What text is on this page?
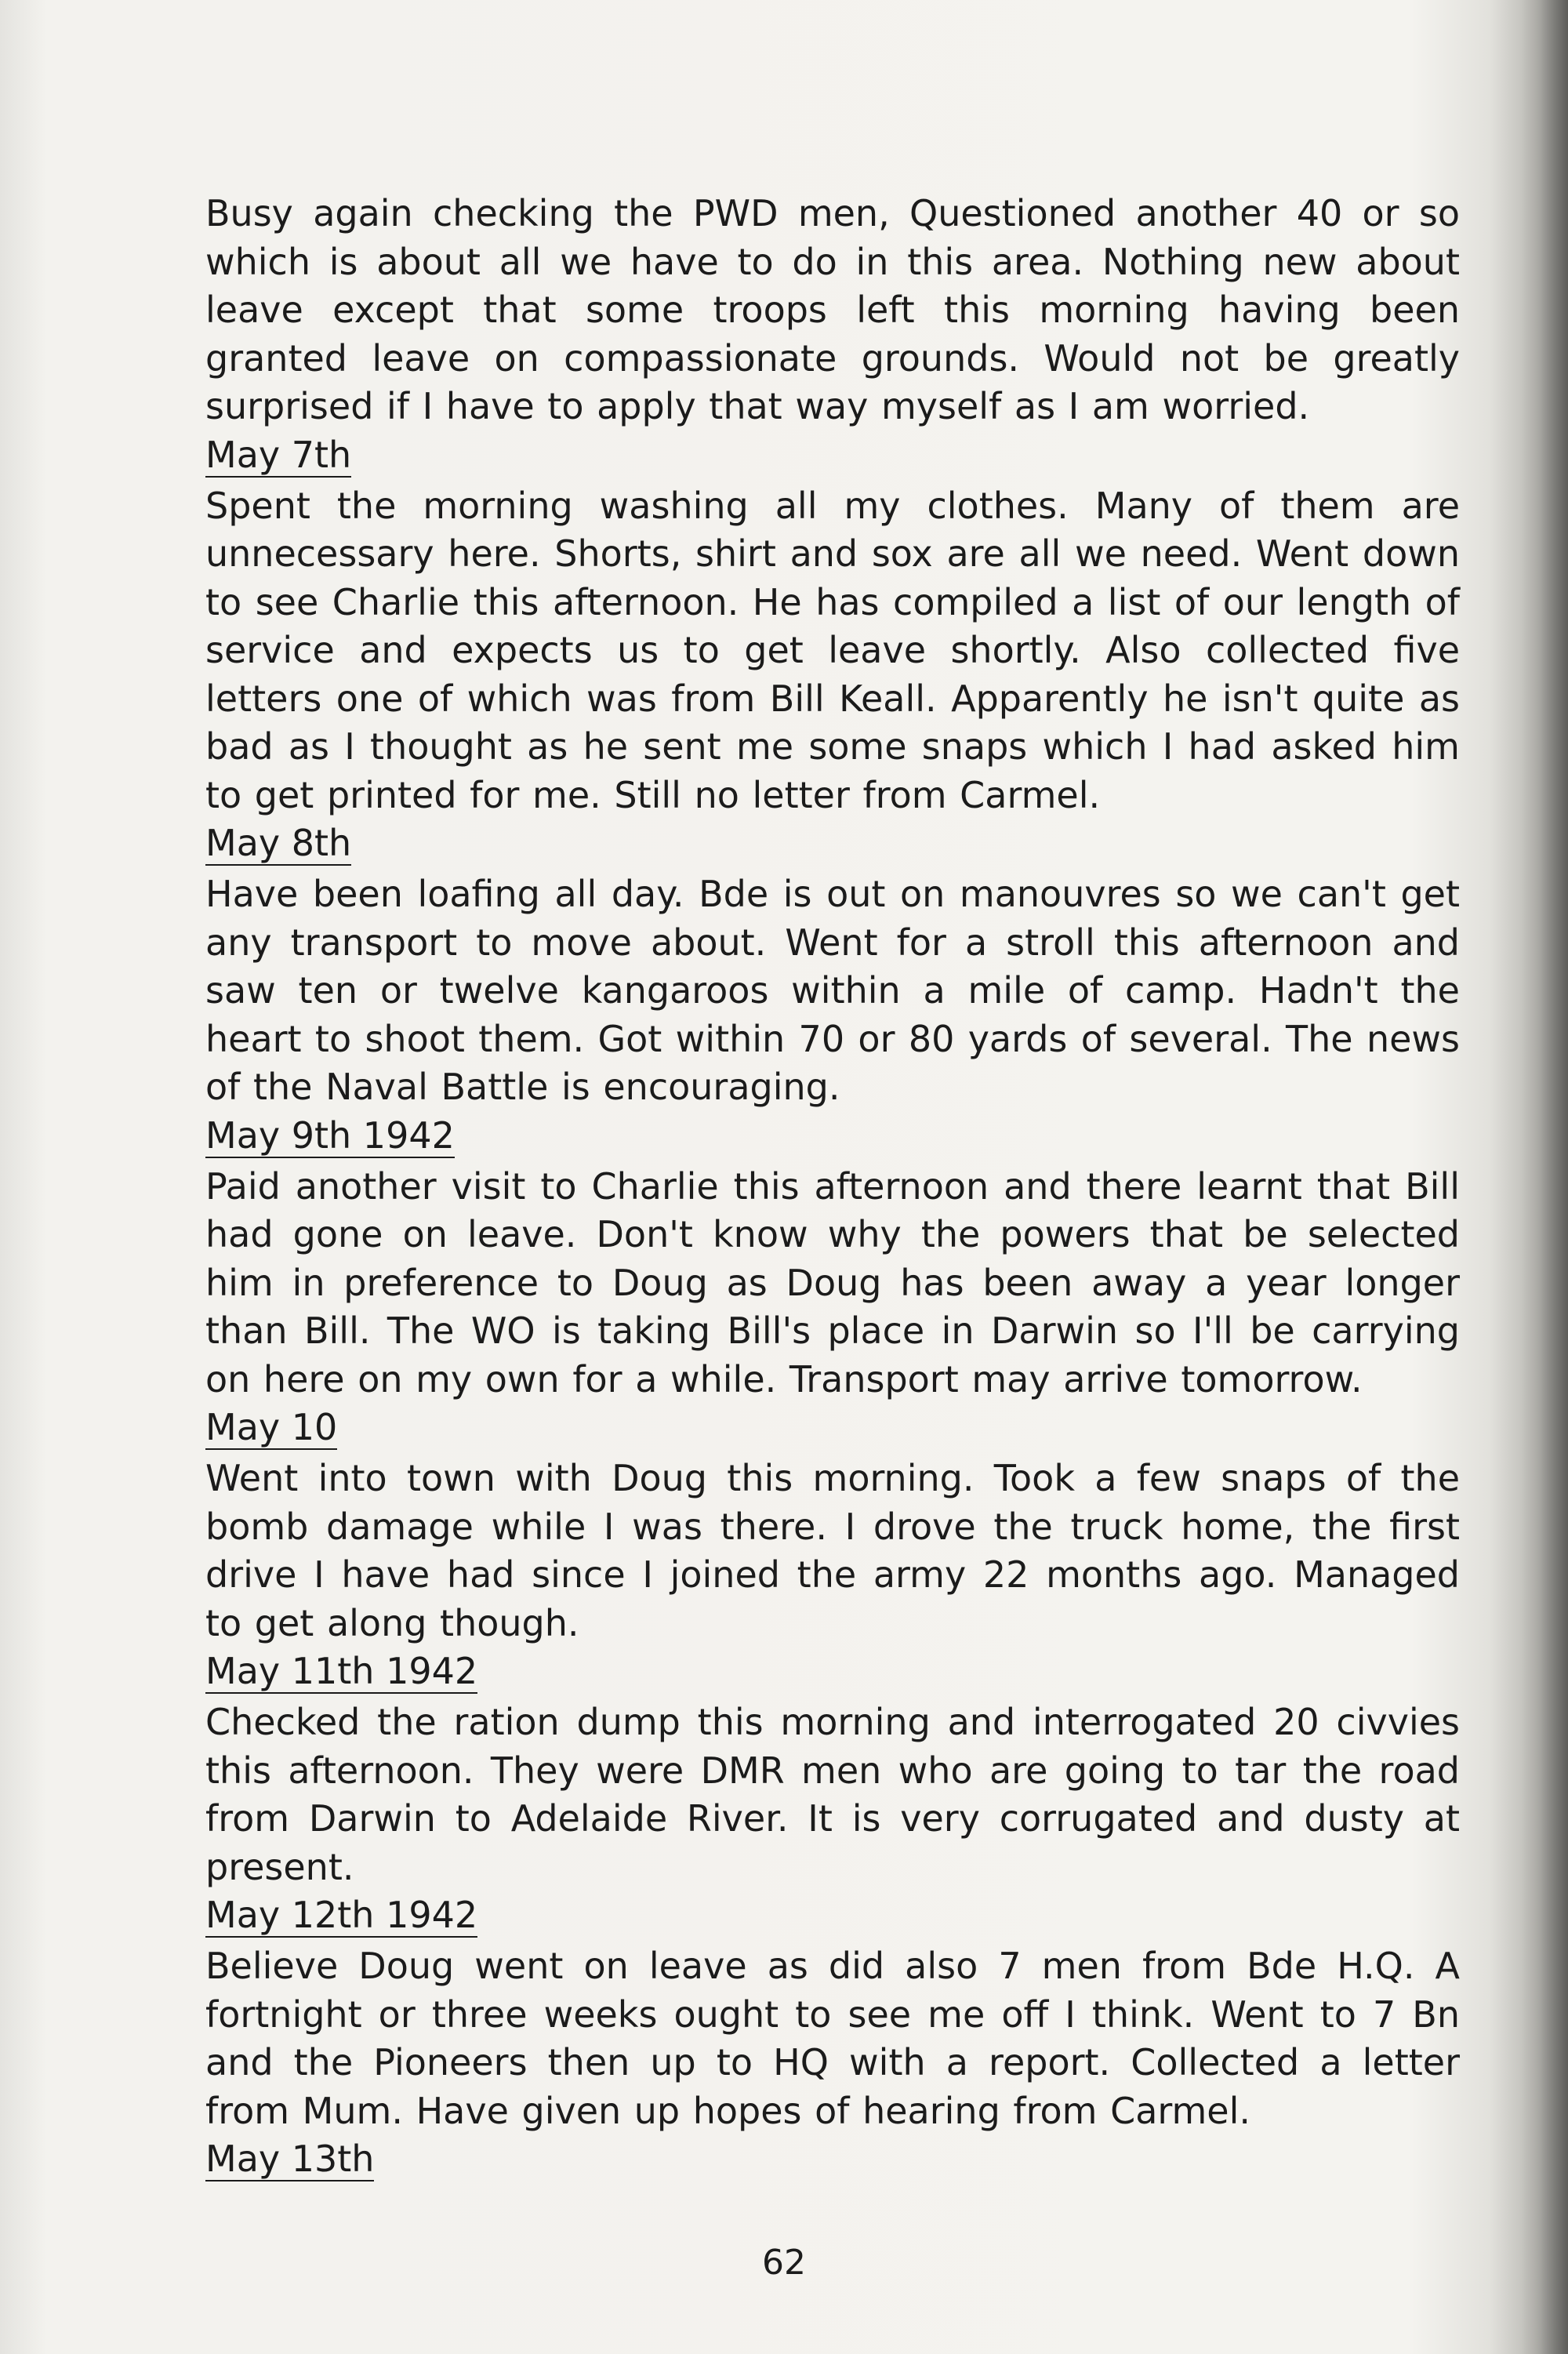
Busy again checking the PWD men, Questioned another 40 or so which is about all we have to do in this area. Nothing new about leave except that some troops left this morning having been granted leave on compassionate grounds. Would not be greatly surprised if I have to apply that way myself as I am worried.

May 7th

Spent the morning washing all my clothes. Many of them are unnecessary here. Shorts, shirt and sox are all we need. Went down to see Charlie this afternoon. He has compiled a list of our length of service and expects us to get leave shortly. Also collected five letters one of which was from Bill Keall. Apparently he isn't quite as bad as I thought as he sent me some snaps which I had asked him to get printed for me. Still no letter from Carmel.

May 8th

Have been loafing all day. Bde is out on manouvres so we can't get any transport to move about. Went for a stroll this afternoon and saw ten or twelve kangaroos within a mile of camp. Hadn't the heart to shoot them. Got within 70 or 80 yards of several. The news of the Naval Battle is encouraging.

May 9th 1942

Paid another visit to Charlie this afternoon and there learnt that Bill had gone on leave. Don't know why the powers that be selected him in preference to Doug as Doug has been away a year longer than Bill. The WO is taking Bill's place in Darwin so I'll be carrying on here on my own for a while. Transport may arrive tomorrow.

May 10

Went into town with Doug this morning. Took a few snaps of the bomb damage while I was there. I drove the truck home, the first drive I have had since I joined the army 22 months ago. Managed to get along though.

May 11th 1942

Checked the ration dump this morning and interrogated 20 civvies this afternoon. They were DMR men who are going to tar the road from Darwin to Adelaide River. It is very corrugated and dusty at present.

May 12th 1942

Believe Doug went on leave as did also 7 men from Bde H.Q. A fortnight or three weeks ought to see me off I think. Went to 7 Bn and the Pioneers then up to HQ with a report. Collected a letter from Mum. Have given up hopes of hearing from Carmel.

May 13th
62
